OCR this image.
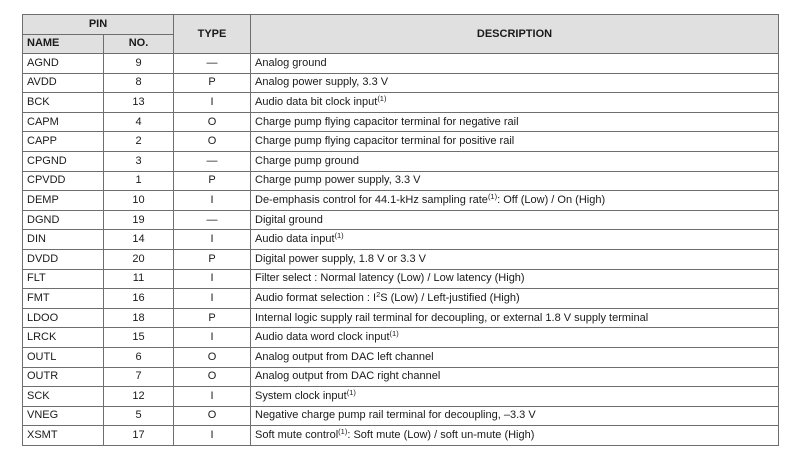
PIN		TYPE	DESCRIPTION
NAME	NO.		
AGND	9	—	Analog ground
AVDD	8	P	Analog power supply, 3.3 V
BCK	13	I	Audio data bit clock input$^{(1)}$
CAPM	4	O	Charge pump flying capacitor terminal for negative rail
CAPP	2	O	Charge pump flying capacitor terminal for positive rail
CPGND	3	—	Charge pump ground
CPVDD	1	P	Charge pump power supply, 3.3 V
DEMP	10	I	De-emphasis control for 44.1-kHz sampling rate$^{(1)}$: Off (Low) / On (High)
DGND	19	—	Digital ground
DIN	14	I	Audio data input$^{(1)}$
DVDD	20	P	Digital power supply, 1.8 V or 3.3 V
FLT	11	I	Filter select : Normal latency (Low) / Low latency (High)
FMT	16	I	Audio format selection : $I^2S$ (Low) / Left-justified (High)
LDOO	18	P	Internal logic supply rail terminal for decoupling, or external 1.8 V supply terminal
LRCK	15	I	Audio data word clock input$^{(1)}$
OUTL	6	O	Analog output from DAC left channel
OUTR	7	O	Analog output from DAC right channel
SCK	12	I	System clock input$^{(1)}$
VNEG	5	O	Negative charge pump rail terminal for decoupling, –3.3 V
XSMT	17	I	Soft mute control$^{(1)}$: Soft mute (Low) / soft un-mute (High)
